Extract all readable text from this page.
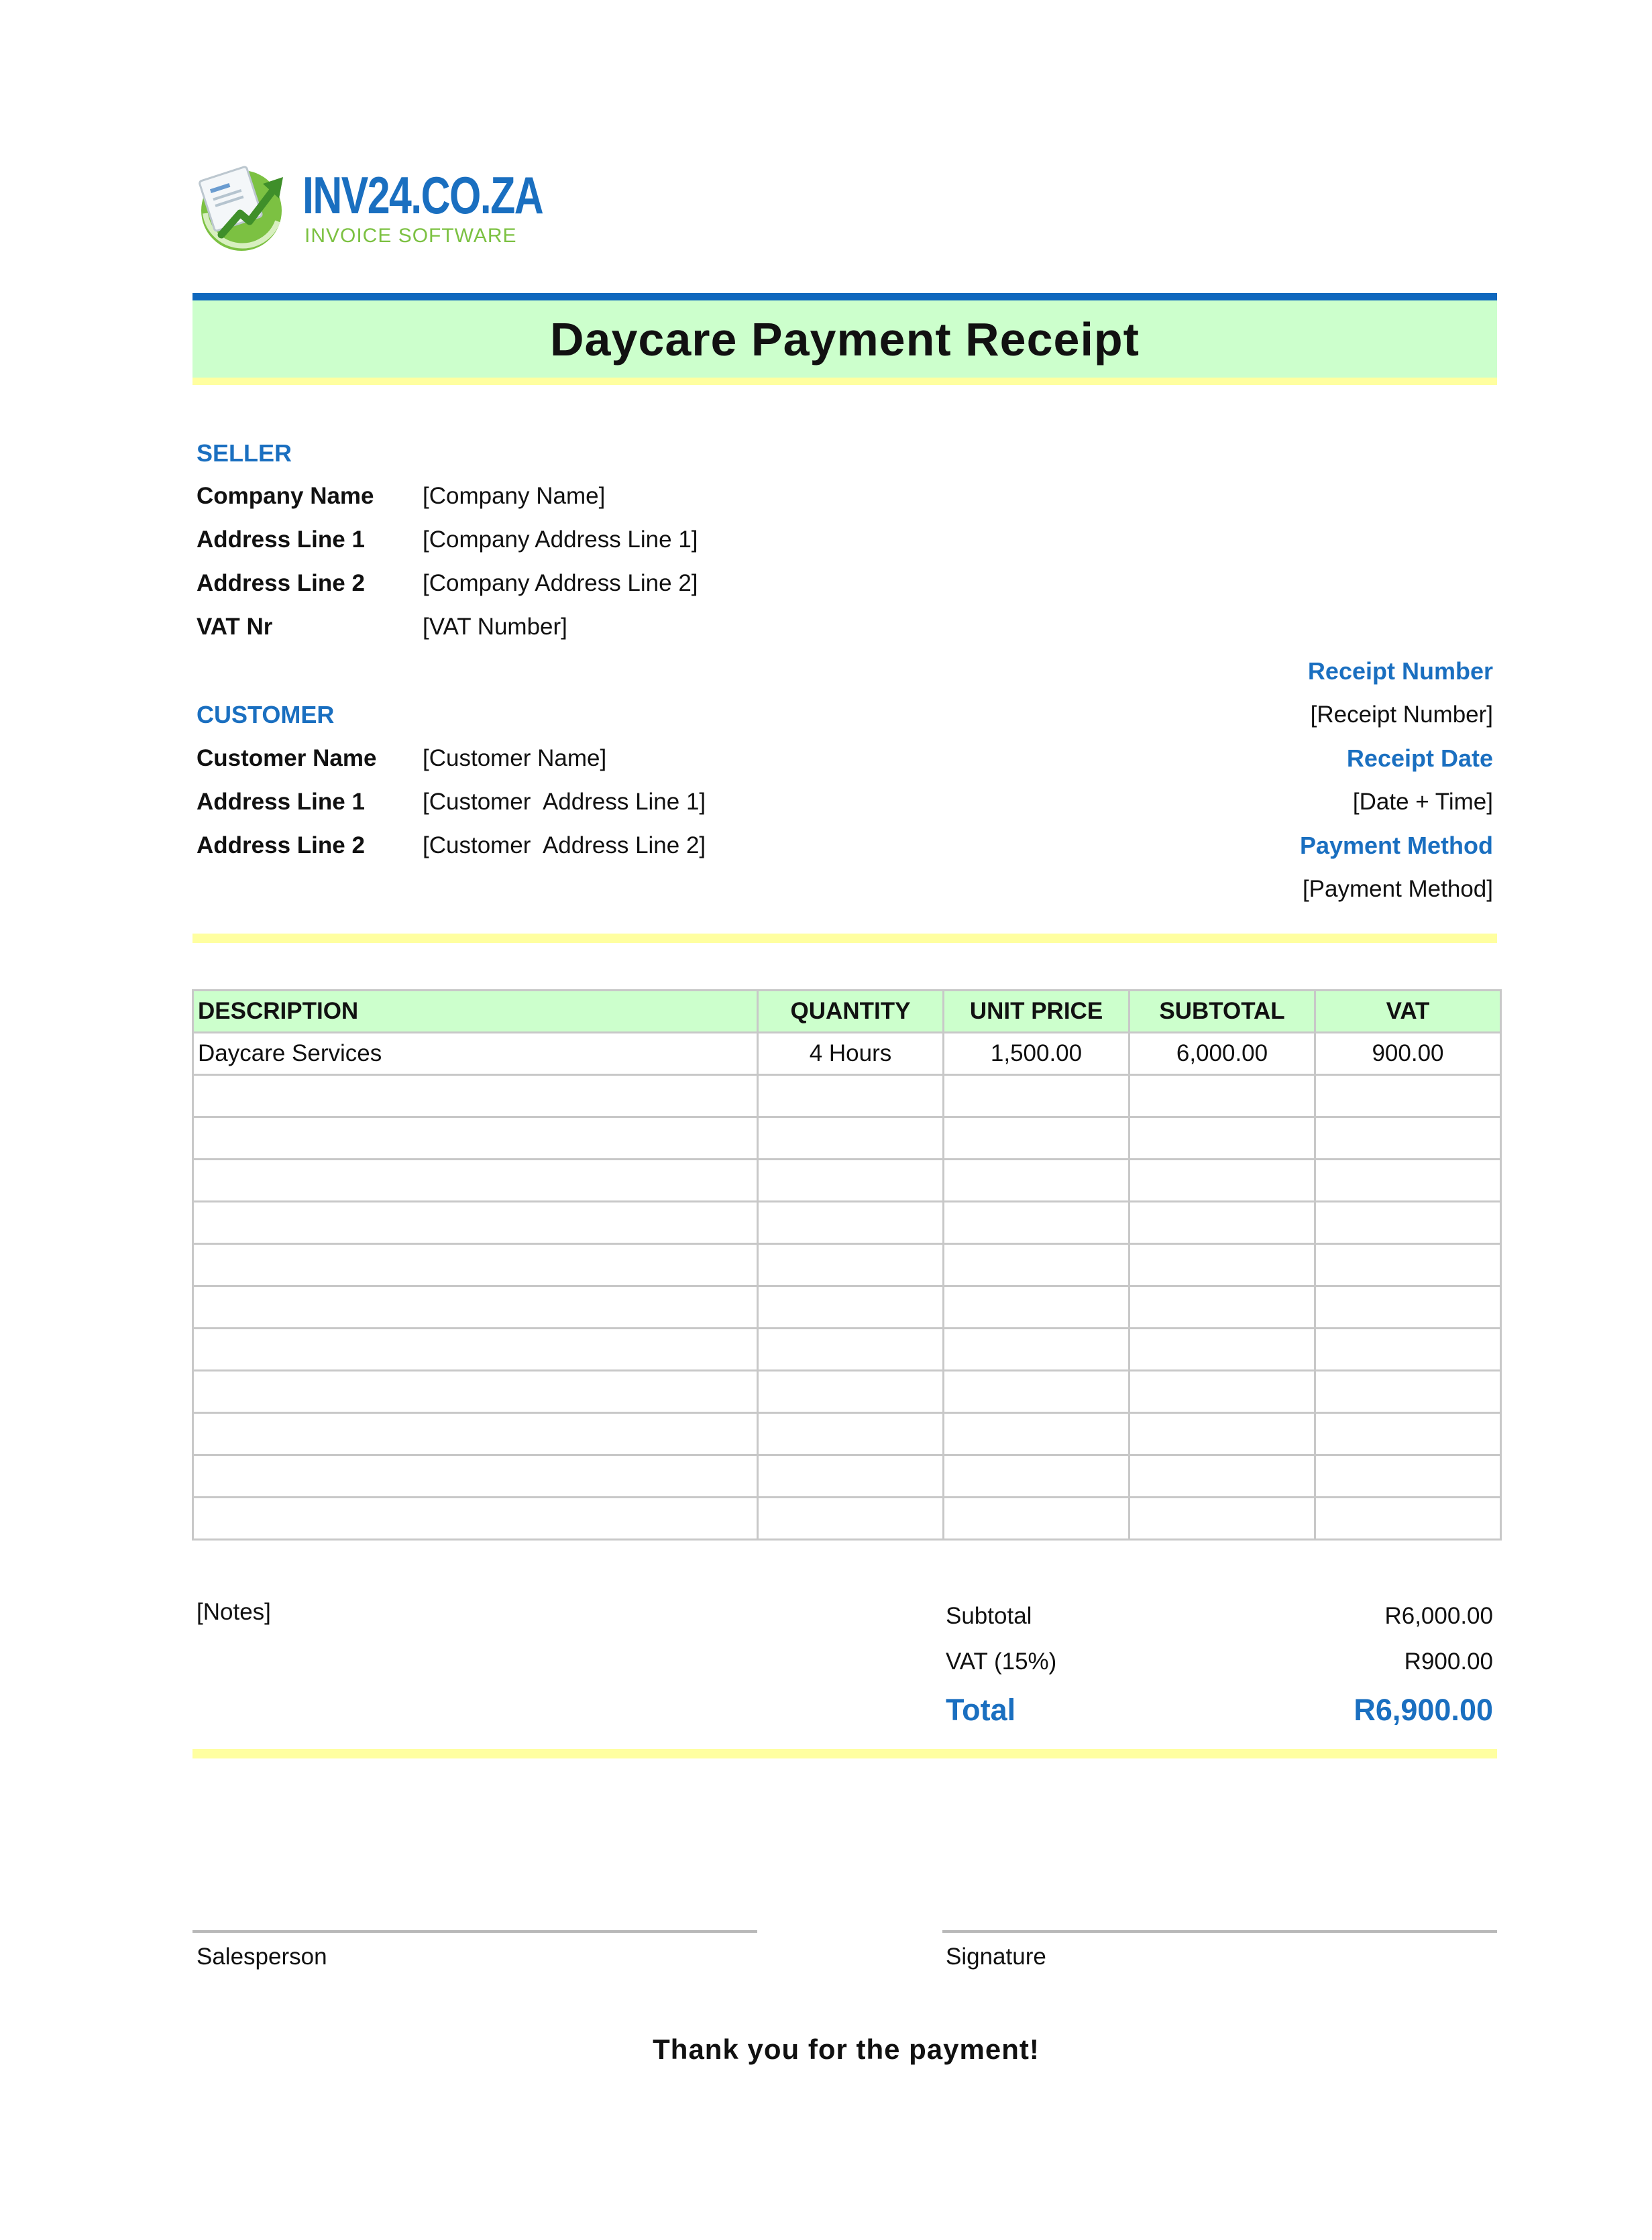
INV24.CO.ZA
INVOICE SOFTWARE
Daycare Payment Receipt
SELLER
Company Name [Company Name]
Address Line 1 [Company Address Line 1]
Address Line 2 [Company Address Line 2]
VAT Nr	[VAT Number]
Receipt Number
[Receipt Number]
Receipt Date
[Date + Time]
Payment Method
[Payment Method]
CUSTOMER
Customer Name [Customer Name]
Address Line 1 [Customer  Address Line 1]
Address Line 2 [Customer  Address Line 2]
DESCRIPTION	QUANTITY	UNIT PRICE	SUBTOTAL	VAT
Daycare Services	4 Hours	1,500.00	6,000.00	900.00

[Notes]	Subtotal	R6,000.00
VAT (15%)	R900.00
Total	R6,900.00
Salesperson	Signature
Thank you for the payment!
